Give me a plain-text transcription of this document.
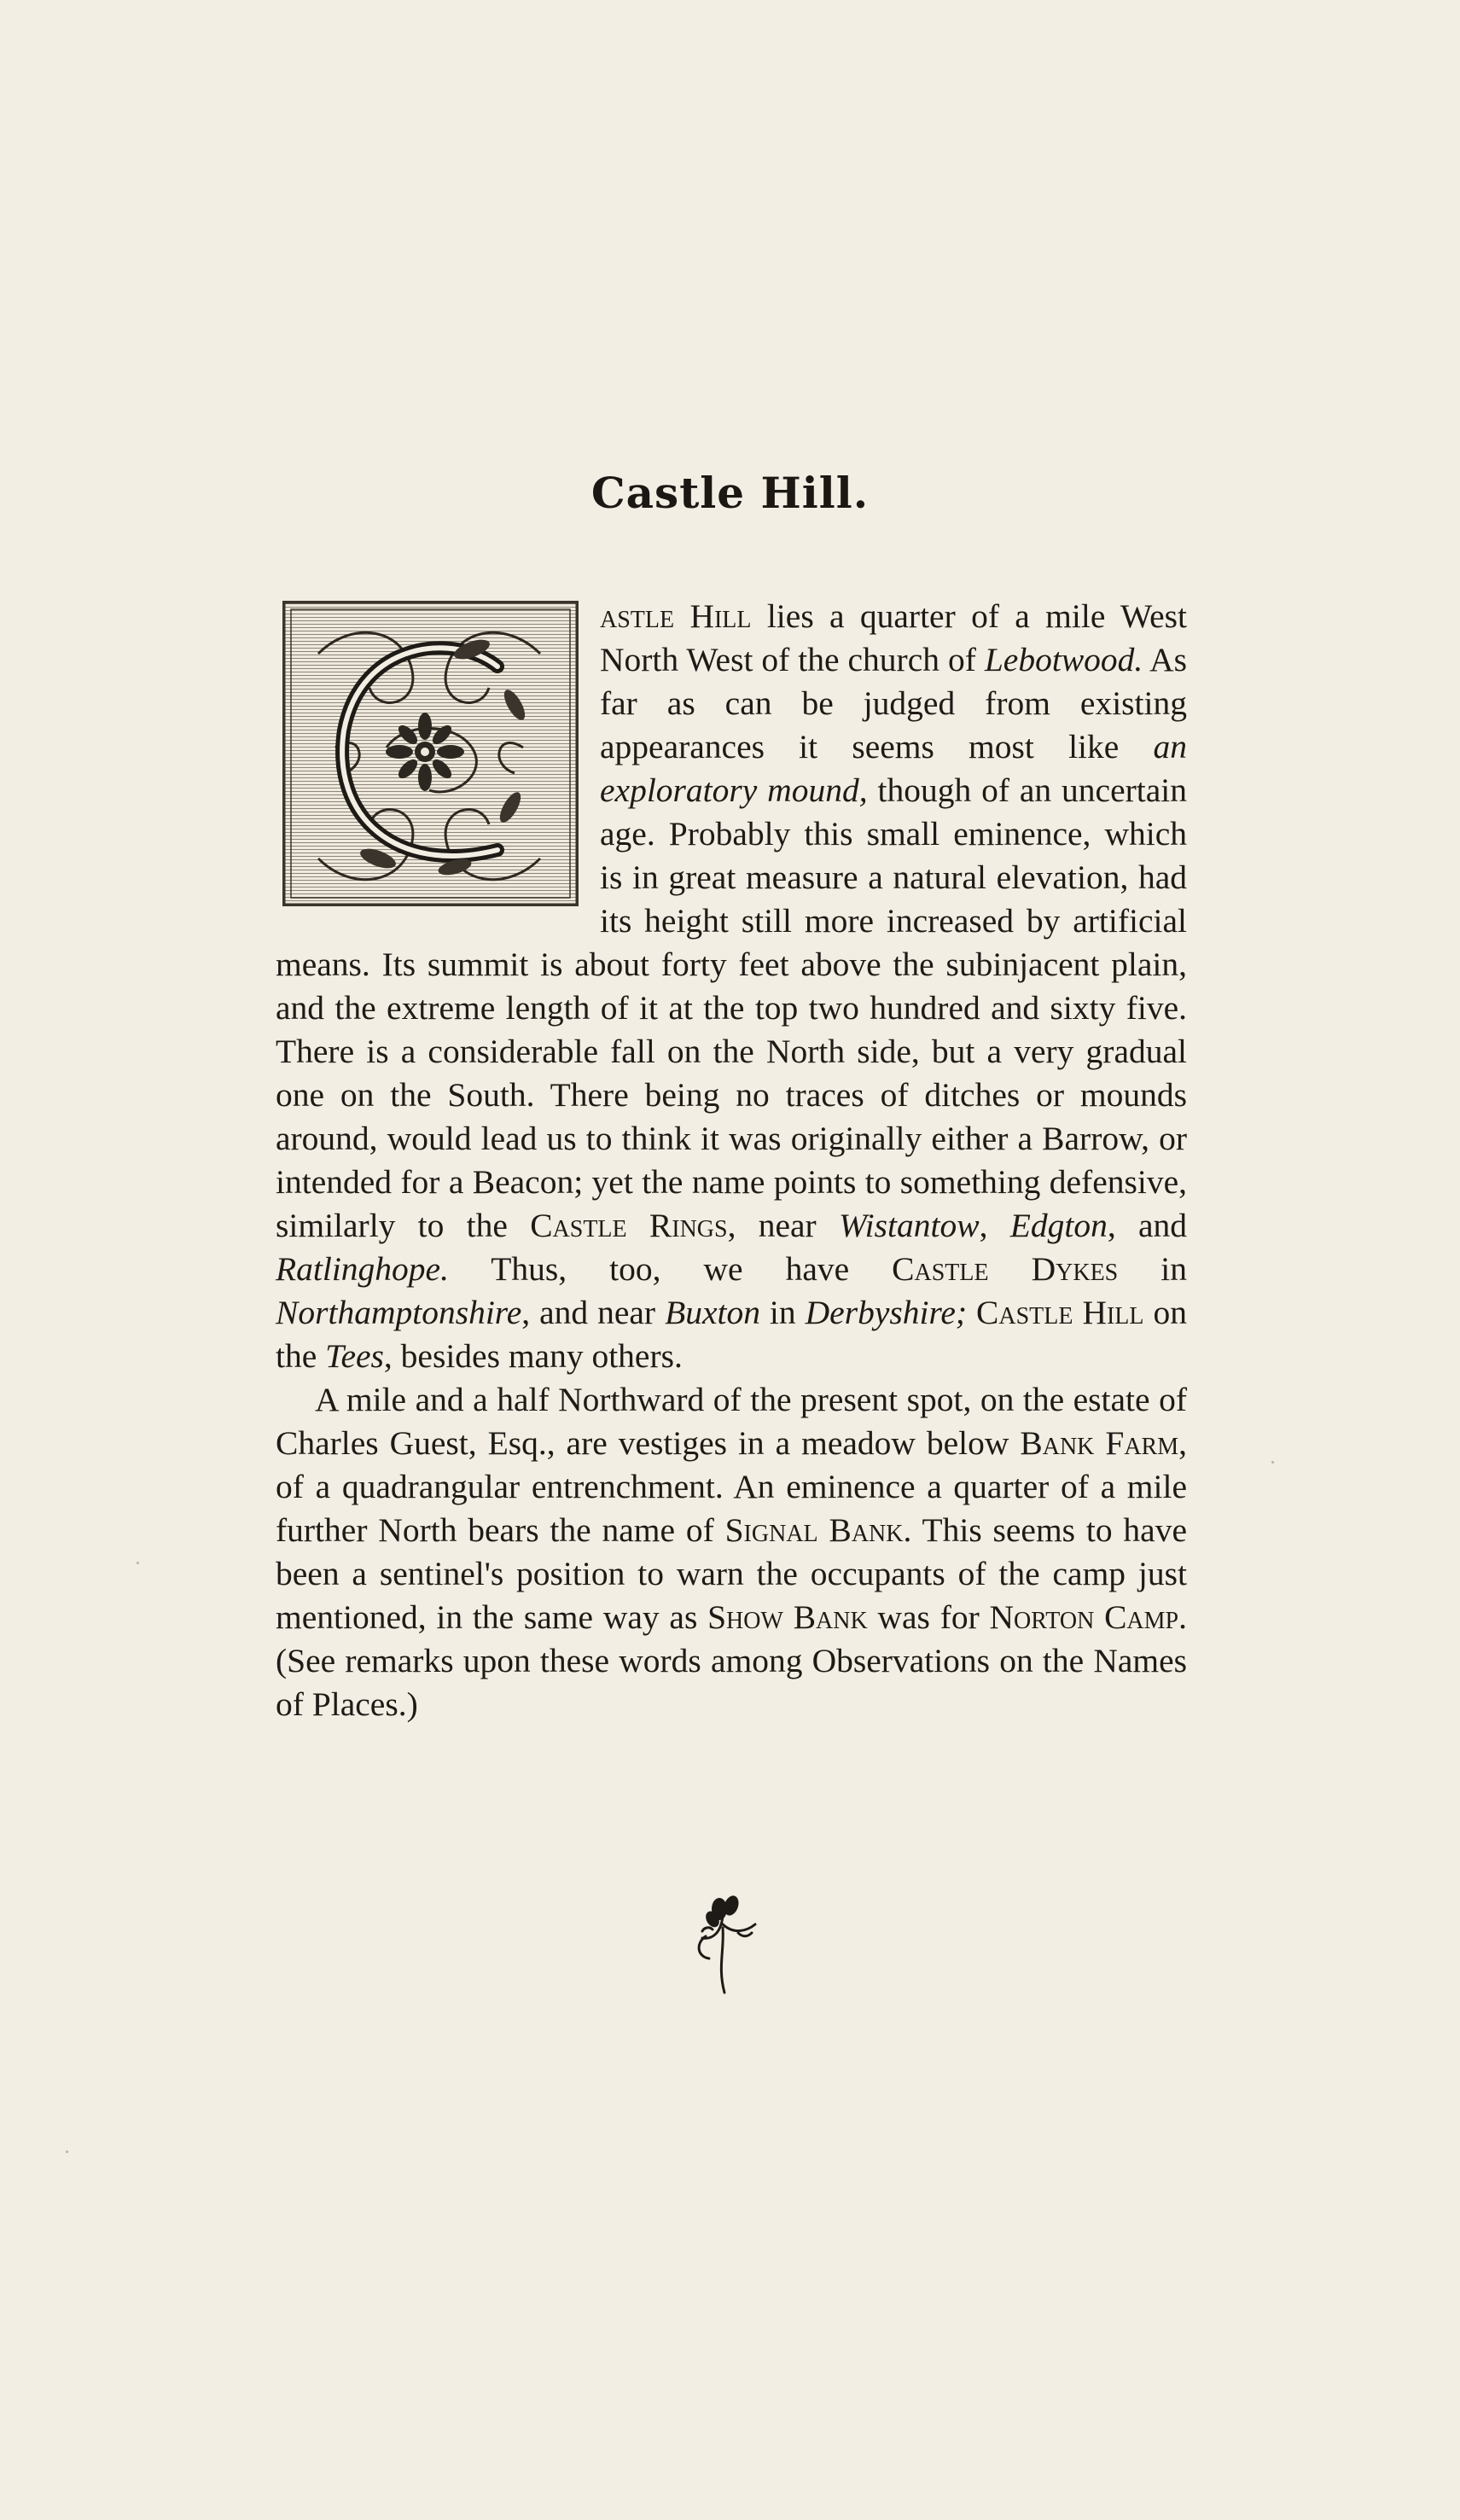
Castle Hill.

astle Hill lies a quarter of a mile West North West of the church of Lebotwood. As far as can be judged from existing appearances it seems most like an exploratory mound, though of an uncertain age. Probably this small eminence, which is in great measure a natural elevation, had its height still more increased by artificial means. Its summit is about forty feet above the subinjacent plain, and the extreme length of it at the top two hundred and sixty five. There is a considerable fall on the North side, but a very gradual one on the South. There being no traces of ditches or mounds around, would lead us to think it was originally either a Barrow, or intended for a Beacon; yet the name points to something defensive, similarly to the Castle Rings, near Wistantow, Edgton, and Ratlinghope. Thus, too, we have Castle Dykes in Northamptonshire, and near Buxton in Derbyshire; Castle Hill on the Tees, besides many others.

A mile and a half Northward of the present spot, on the estate of Charles Guest, Esq., are vestiges in a meadow below Bank Farm, of a quadrangular entrenchment. An eminence a quarter of a mile further North bears the name of Signal Bank. This seems to have been a sentinel's position to warn the occupants of the camp just mentioned, in the same way as Show Bank was for Norton Camp. (See remarks upon these words among Observations on the Names of Places.)
